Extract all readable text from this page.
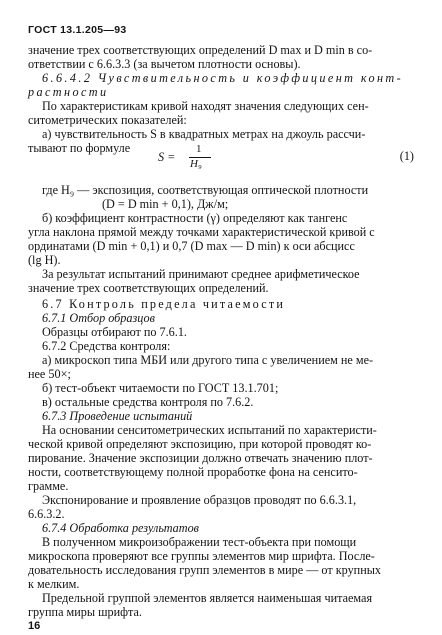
ГОСТ 13.1.205—93
значение трех соответствующих определений D max и D min в со-
ответствии с 6.6.3.3 (за вычетом плотности основы).
6.6.4.2 Чувствительность и коэффициент конт-
растности
По характеристикам кривой находят значения следующих сен-
ситометрических показателей:
а) чувствительность S в квадратных метрах на джоуль рассчи-
тывают по формуле
S =
1
H₉
(1)
где H₉ — экспозиция, соответствующая оптической плотности
(D = D min + 0,1), Дж/м;
б) коэффициент контрастности (γ) определяют как тангенс
угла наклона прямой между точками характеристической кривой с
ординатами (D min + 0,1) и 0,7 (D max — D min) к оси абсцисс
(lg H).
За результат испытаний принимают среднее арифметическое
значение трех соответствующих определений.
6.7 Контроль предела читаемости
6.7.1 Отбор образцов
Образцы отбирают по 7.6.1.
6.7.2 Средства контроля:
а) микроскоп типа МБИ или другого типа с увеличением не ме-
нее 50×;
б) тест-объект читаемости по ГОСТ 13.1.701;
в) остальные средства контроля по 7.6.2.
6.7.3 Проведение испытаний
На основании сенситометрических испытаний по характеристи-
ческой кривой определяют экспозицию, при которой проводят ко-
пирование. Значение экспозиции должно отвечать значению плот-
ности, соответствующему полной проработке фона на сенсито-
грамме.
Экспонирование и проявление образцов проводят по 6.6.3.1,
6.6.3.2.
6.7.4 Обработка результатов
В полученном микроизображении тест-объекта при помощи
микроскопа проверяют все группы элементов мир шрифта. После-
довательность исследования групп элементов в мире — от крупных
к мелким.
Предельной группой элементов является наименьшая читаемая
группа миры шрифта.
16
